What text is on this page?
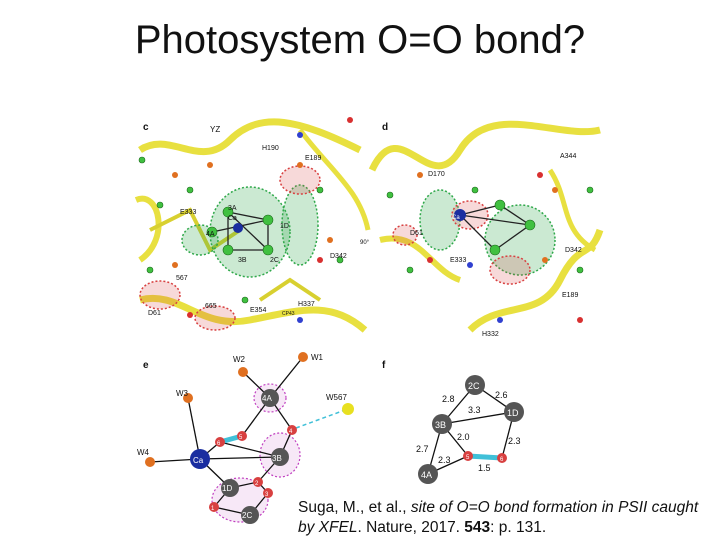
Photosystem O=O bond?
YZ
H190
E189
E333
Ca
4A
3A
1D
2C
3B
D342
567
D61
665
E354	CP43
H337
c
D170
A344
D61
E333
D342
E189
H332
Ca
90°
d
e
W2	W1
W3
W4
W567
4A
3B
1D
2C
Ca
5
6
4
2
3
1
f
2C
3B
1D
4A
5	6
2.6
2.8
3.3
2.0
2.7
2.3
2.3
1.5
Suga, M., et al., site of O=O bond formation in PSII caught by XFEL. Nature, 2017. 543: p. 131.
